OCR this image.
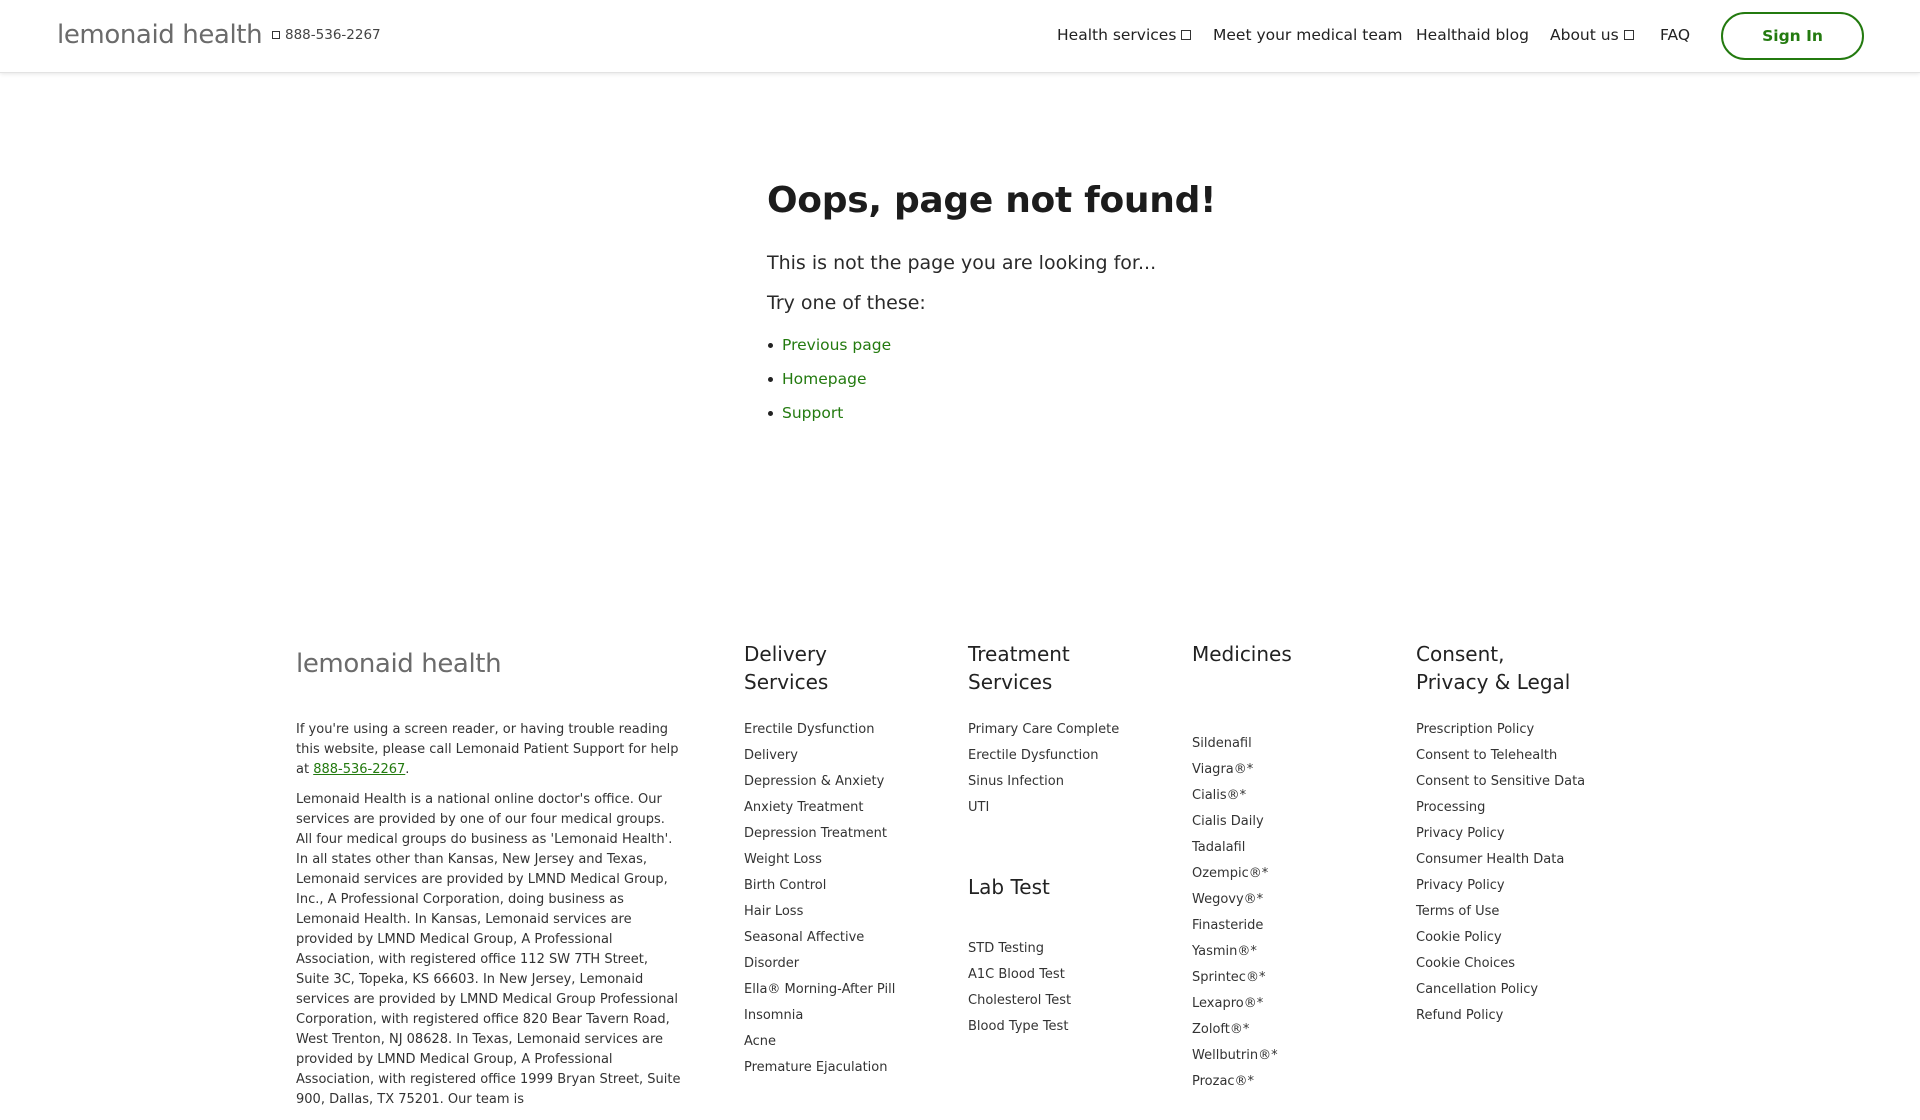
lemonaid health 888-536-2267	Health services Meet your medical team Healthaid blog About us	FAQ	Sign In
Oops, page not found!

This is not the page you are looking for...

Try one of these:

Previous page
Homepage
Support
lemonaid health

If you're using a screen reader, or having trouble reading this website, please call Lemonaid Patient Support for help at 888-536-2267.

Lemonaid Health is a national online doctor's office. Our services are provided by one of our four medical groups. All four medical groups do business as 'Lemonaid Health'. In all states other than Kansas, New Jersey and Texas, Lemonaid services are provided by LMND Medical Group, Inc., A Professional Corporation, doing business as Lemonaid Health. In Kansas, Lemonaid services are provided by LMND Medical Group, A Professional Association, with registered office 112 SW 7TH Street, Suite 3C, Topeka, KS 66603. In New Jersey, Lemonaid services are provided by LMND Medical Group Professional Corporation, with registered office 820 Bear Tavern Road, West Trenton, NJ 08628. In Texas, Lemonaid services are provided by LMND Medical Group, A Professional Association, with registered office 1999 Bryan Street, Suite 900, Dallas, TX 75201. Our team is

Delivery
Services
Erectile Dysfunction
Delivery
Depression & Anxiety
Anxiety Treatment
Depression Treatment
Weight Loss
Birth Control
Hair Loss
Seasonal Affective
Disorder
Ella® Morning-After Pill
Insomnia
Acne
Premature Ejaculation
Treatment
Services
Primary Care Complete
Erectile Dysfunction
Sinus Infection
UTI
Lab Test
STD Testing
A1C Blood Test
Cholesterol Test
Blood Type Test
Medicines
Sildenafil
Viagra®*
Cialis®*
Cialis Daily
Tadalafil
Ozempic®*
Wegovy®*
Finasteride
Yasmin®*
Sprintec®*
Lexapro®*
Zoloft®*
Wellbutrin®*
Prozac®*
Consent,
Privacy & Legal
Prescription Policy
Consent to Telehealth
Consent to Sensitive Data
Processing
Privacy Policy
Consumer Health Data
Privacy Policy
Terms of Use
Cookie Policy
Cookie Choices
Cancellation Policy
Refund Policy
